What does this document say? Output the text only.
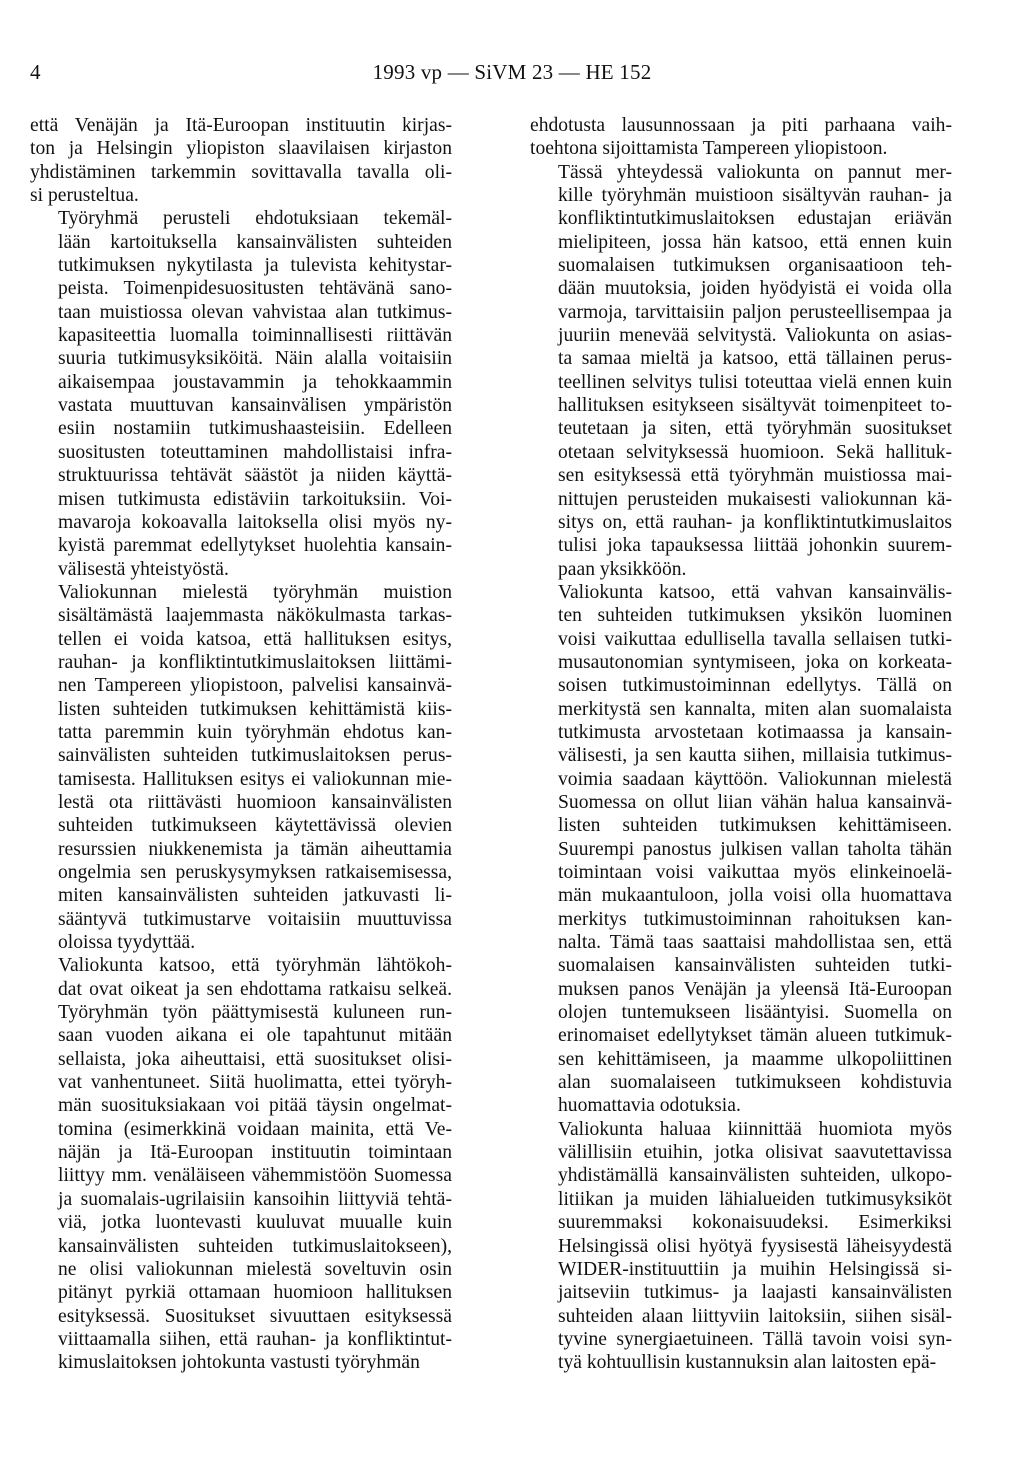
4	1993 vp — SiVM 23 — HE 152

että Venäjän ja Itä-Euroopan instituutin kirjas-
ton ja Helsingin yliopiston slaavilaisen kirjaston
yhdistäminen tarkemmin sovittavalla tavalla oli-
si perusteltua.

Työryhmä perusteli ehdotuksiaan tekemäl-
lään kartoituksella kansainvälisten suhteiden
tutkimuksen nykytilasta ja tulevista kehitystar-
peista. Toimenpidesuositusten tehtävänä sano-
taan muistiossa olevan vahvistaa alan tutkimus-
kapasiteettia luomalla toiminnallisesti riittävän
suuria tutkimusyksiköitä. Näin alalla voitaisiin
aikaisempaa joustavammin ja tehokkaammin
vastata muuttuvan kansainvälisen ympäristön
esiin nostamiin tutkimushaasteisiin. Edelleen
suositusten toteuttaminen mahdollistaisi infra-
struktuurissa tehtävät säästöt ja niiden käyttä-
misen tutkimusta edistäviin tarkoituksiin. Voi-
mavaroja kokoavalla laitoksella olisi myös ny-
kyistä paremmat edellytykset huolehtia kansain-
välisestä yhteistyöstä.

Valiokunnan mielestä työryhmän muistion
sisältämästä laajemmasta näkökulmasta tarkas-
tellen ei voida katsoa, että hallituksen esitys,
rauhan- ja konfliktintutkimuslaitoksen liittämi-
nen Tampereen yliopistoon, palvelisi kansainvä-
listen suhteiden tutkimuksen kehittämistä kiis-
tatta paremmin kuin työryhmän ehdotus kan-
sainvälisten suhteiden tutkimuslaitoksen perus-
tamisesta. Hallituksen esitys ei valiokunnan mie-
lestä ota riittävästi huomioon kansainvälisten
suhteiden tutkimukseen käytettävissä olevien
resurssien niukkenemista ja tämän aiheuttamia
ongelmia sen peruskysymyksen ratkaisemisessa,
miten kansainvälisten suhteiden jatkuvasti li-
sääntyvä tutkimustarve voitaisiin muuttuvissa
oloissa tyydyttää.

Valiokunta katsoo, että työryhmän lähtökoh-
dat ovat oikeat ja sen ehdottama ratkaisu selkeä.
Työryhmän työn päättymisestä kuluneen run-
saan vuoden aikana ei ole tapahtunut mitään
sellaista, joka aiheuttaisi, että suositukset olisi-
vat vanhentuneet. Siitä huolimatta, ettei työryh-
män suosituksiakaan voi pitää täysin ongelmat-
tomina (esimerkkinä voidaan mainita, että Ve-
näjän ja Itä-Euroopan instituutin toimintaan
liittyy mm. venäläiseen vähemmistöön Suomessa
ja suomalais-ugrilaisiin kansoihin liittyviä tehtä-
viä, jotka luontevasti kuuluvat muualle kuin
kansainvälisten suhteiden tutkimuslaitokseen),
ne olisi valiokunnan mielestä soveltuvin osin
pitänyt pyrkiä ottamaan huomioon hallituksen
esityksessä. Suositukset sivuuttaen esityksessä
viittaamalla siihen, että rauhan- ja konfliktintut-
kimuslaitoksen johtokunta vastusti työryhmän

ehdotusta lausunnossaan ja piti parhaana vaih-
toehtona sijoittamista Tampereen yliopistoon.

Tässä yhteydessä valiokunta on pannut mer-
kille työryhmän muistioon sisältyvän rauhan- ja
konfliktintutkimuslaitoksen edustajan eriävän
mielipiteen, jossa hän katsoo, että ennen kuin
suomalaisen tutkimuksen organisaatioon teh-
dään muutoksia, joiden hyödyistä ei voida olla
varmoja, tarvittaisiin paljon perusteellisempaa ja
juuriin menevää selvitystä. Valiokunta on asias-
ta samaa mieltä ja katsoo, että tällainen perus-
teellinen selvitys tulisi toteuttaa vielä ennen kuin
hallituksen esitykseen sisältyvät toimenpiteet to-
teutetaan ja siten, että työryhmän suositukset
otetaan selvityksessä huomioon. Sekä hallituk-
sen esityksessä että työryhmän muistiossa mai-
nittujen perusteiden mukaisesti valiokunnan kä-
sitys on, että rauhan- ja konfliktintutkimuslaitos
tulisi joka tapauksessa liittää johonkin suurem-
paan yksikköön.

Valiokunta katsoo, että vahvan kansainvälis-
ten suhteiden tutkimuksen yksikön luominen
voisi vaikuttaa edullisella tavalla sellaisen tutki-
musautonomian syntymiseen, joka on korkeata-
soisen tutkimustoiminnan edellytys. Tällä on
merkitystä sen kannalta, miten alan suomalaista
tutkimusta arvostetaan kotimaassa ja kansain-
välisesti, ja sen kautta siihen, millaisia tutkimus-
voimia saadaan käyttöön. Valiokunnan mielestä
Suomessa on ollut liian vähän halua kansainvä-
listen suhteiden tutkimuksen kehittämiseen.
Suurempi panostus julkisen vallan taholta tähän
toimintaan voisi vaikuttaa myös elinkeinoelä-
män mukaantuloon, jolla voisi olla huomattava
merkitys tutkimustoiminnan rahoituksen kan-
nalta. Tämä taas saattaisi mahdollistaa sen, että
suomalaisen kansainvälisten suhteiden tutki-
muksen panos Venäjän ja yleensä Itä-Euroopan
olojen tuntemukseen lisääntyisi. Suomella on
erinomaiset edellytykset tämän alueen tutkimuk-
sen kehittämiseen, ja maamme ulkopoliittinen
alan suomalaiseen tutkimukseen kohdistuvia
huomattavia odotuksia.

Valiokunta haluaa kiinnittää huomiota myös
välillisiin etuihin, jotka olisivat saavutettavissa
yhdistämällä kansainvälisten suhteiden, ulkopo-
litiikan ja muiden lähialueiden tutkimusyksiköt
suuremmaksi kokonaisuudeksi. Esimerkiksi
Helsingissä olisi hyötyä fyysisestä läheisyydestä
WIDER-instituuttiin ja muihin Helsingissä si-
jaitseviin tutkimus- ja laajasti kansainvälisten
suhteiden alaan liittyviin laitoksiin, siihen sisäl-
tyvine synergiaetuineen. Tällä tavoin voisi syn-
tyä kohtuullisin kustannuksin alan laitosten epä-
